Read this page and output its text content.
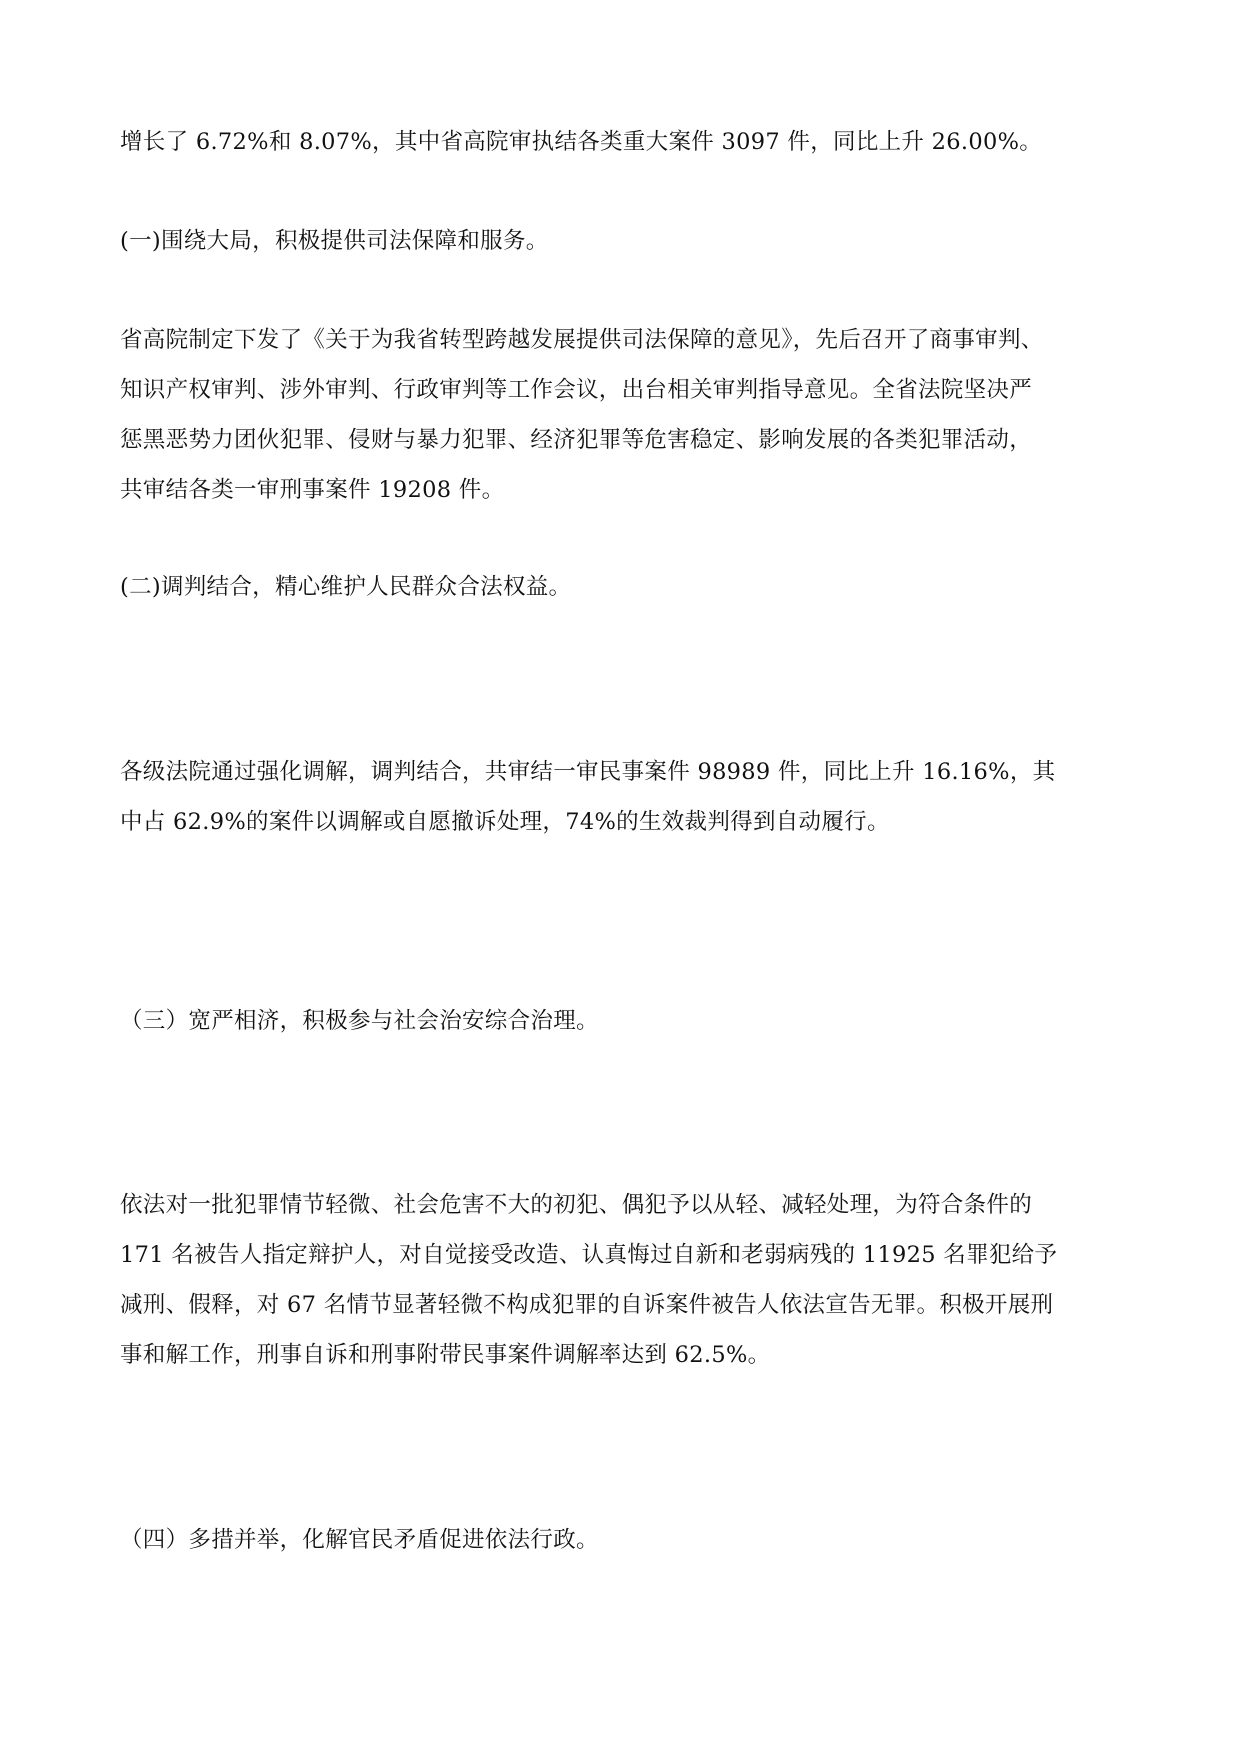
增长了 6.72%和 8.07%，其中省高院审执结各类重大案件 3097 件，同比上升 26.00%。

(一)围绕大局，积极提供司法保障和服务。

省高院制定下发了《关于为我省转型跨越发展提供司法保障的意见》，先后召开了商事审判、
知识产权审判、涉外审判、行政审判等工作会议，出台相关审判指导意见。全省法院坚决严
惩黑恶势力团伙犯罪、侵财与暴力犯罪、经济犯罪等危害稳定、影响发展的各类犯罪活动，
共审结各类一审刑事案件 19208 件。

(二)调判结合，精心维护人民群众合法权益。

各级法院通过强化调解，调判结合，共审结一审民事案件 98989 件，同比上升 16.16%，其
中占 62.9%的案件以调解或自愿撤诉处理，74%的生效裁判得到自动履行。

（三）宽严相济，积极参与社会治安综合治理。

依法对一批犯罪情节轻微、社会危害不大的初犯、偶犯予以从轻、减轻处理，为符合条件的
171 名被告人指定辩护人，对自觉接受改造、认真悔过自新和老弱病残的 11925 名罪犯给予
减刑、假释，对 67 名情节显著轻微不构成犯罪的自诉案件被告人依法宣告无罪。积极开展刑
事和解工作，刑事自诉和刑事附带民事案件调解率达到 62.5%。

（四）多措并举，化解官民矛盾促进依法行政。
